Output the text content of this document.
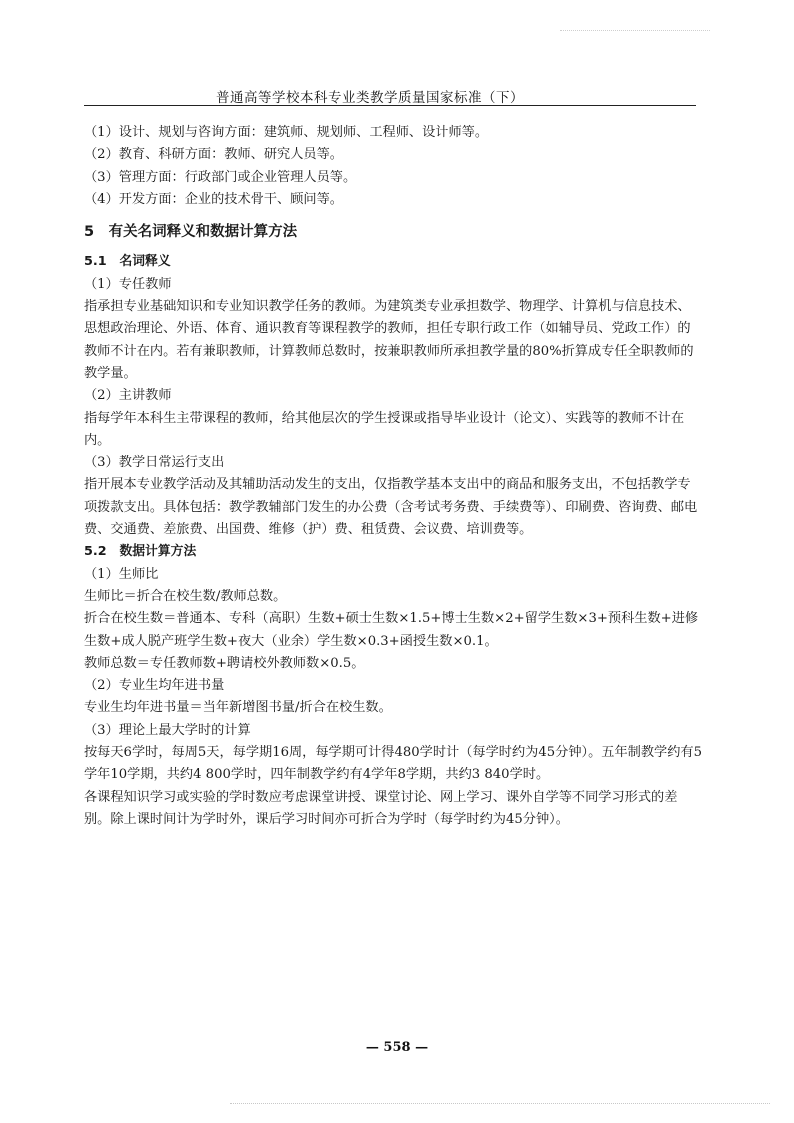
普通高等学校本科专业类教学质量国家标准（下）

（1）设计、规划与咨询方面：建筑师、规划师、工程师、设计师等。

（2）教育、科研方面：教师、研究人员等。

（3）管理方面：行政部门或企业管理人员等。

（4）开发方面：企业的技术骨干、顾问等。

5　有关名词释义和数据计算方法

5.1　名词释义

（1）专任教师

指承担专业基础知识和专业知识教学任务的教师。为建筑类专业承担数学、物理学、计算机与信息技术、思想政治理论、外语、体育、通识教育等课程教学的教师，担任专职行政工作（如辅导员、党政工作）的教师不计在内。若有兼职教师，计算教师总数时，按兼职教师所承担教学量的80%折算成专任全职教师的教学量。

（2）主讲教师

指每学年本科生主带课程的教师，给其他层次的学生授课或指导毕业设计（论文）、实践等的教师不计在内。

（3）教学日常运行支出

指开展本专业教学活动及其辅助活动发生的支出，仅指教学基本支出中的商品和服务支出，不包括教学专项拨款支出。具体包括：教学教辅部门发生的办公费（含考试考务费、手续费等）、印刷费、咨询费、邮电费、交通费、差旅费、出国费、维修（护）费、租赁费、会议费、培训费等。

5.2　数据计算方法

（1）生师比

生师比＝折合在校生数/教师总数。

折合在校生数＝普通本、专科（高职）生数+硕士生数×1.5+博士生数×2+留学生数×3+预科生数+进修生数+成人脱产班学生数+夜大（业余）学生数×0.3+函授生数×0.1。

教师总数＝专任教师数+聘请校外教师数×0.5。

（2）专业生均年进书量

专业生均年进书量＝当年新增图书量/折合在校生数。

（3）理论上最大学时的计算

按每天6学时，每周5天，每学期16周，每学期可计得480学时计（每学时约为45分钟）。五年制教学约有5学年10学期，共约4 800学时，四年制教学约有4学年8学期，共约3 840学时。

各课程知识学习或实验的学时数应考虑课堂讲授、课堂讨论、网上学习、课外自学等不同学习形式的差别。除上课时间计为学时外，课后学习时间亦可折合为学时（每学时约为45分钟）。

— 558 —
